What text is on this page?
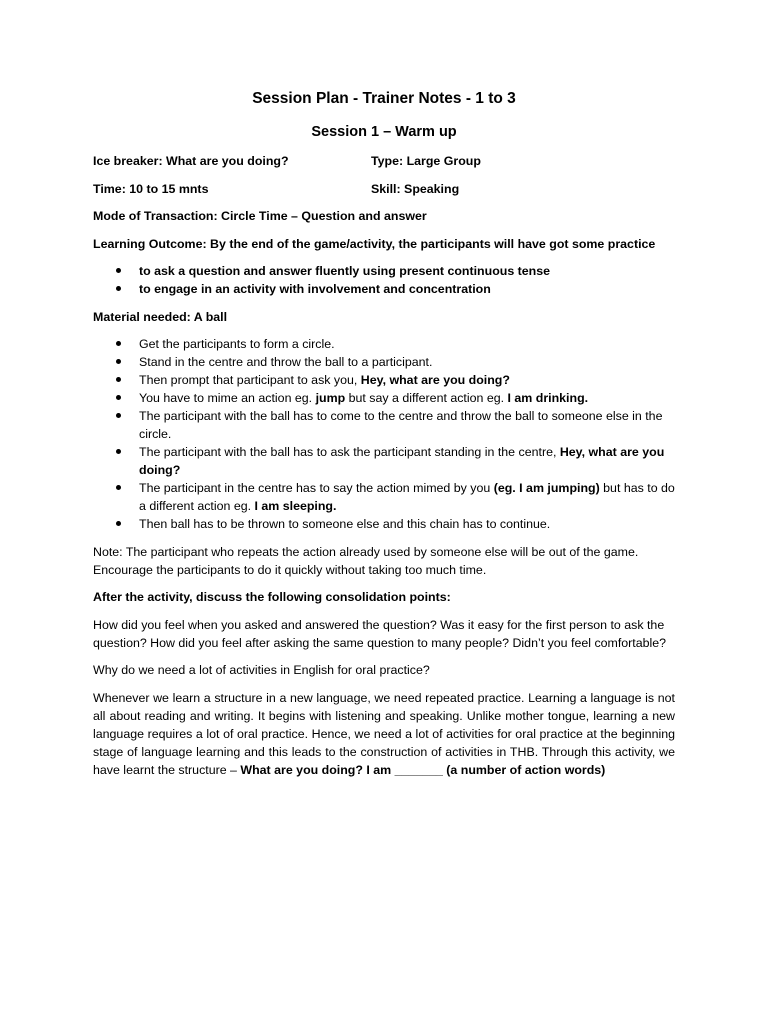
Session Plan - Trainer Notes - 1 to 3
Session 1 – Warm up
Ice breaker: What are you doing?	Type: Large Group
Time: 10 to 15 mnts	Skill: Speaking

Mode of Transaction: Circle Time – Question and answer

Learning Outcome: By the end of the game/activity, the participants will have got some practice

to ask a question and answer fluently using present continuous tense
to engage in an activity with involvement and concentration

Material needed: A ball

Get the participants to form a circle.
Stand in the centre and throw the ball to a participant.
Then prompt that participant to ask you, Hey, what are you doing?
You have to mime an action eg. jump but say a different action eg. I am drinking.
The participant with the ball has to come to the centre and throw the ball to someone else in the circle.
The participant with the ball has to ask the participant standing in the centre, Hey, what are you doing?
The participant in the centre has to say the action mimed by you (eg. I am jumping) but has to do a different action eg. I am sleeping.
Then ball has to be thrown to someone else and this chain has to continue.

Note: The participant who repeats the action already used by someone else will be out of the game. Encourage the participants to do it quickly without taking too much time.

After the activity, discuss the following consolidation points:

How did you feel when you asked and answered the question? Was it easy for the first person to ask the question? How did you feel after asking the same question to many people? Didn’t you feel comfortable?

Why do we need a lot of activities in English for oral practice?

Whenever we learn a structure in a new language, we need repeated practice. Learning a language is not all about reading and writing. It begins with listening and speaking. Unlike mother tongue, learning a new language requires a lot of oral practice. Hence, we need a lot of activities for oral practice at the beginning stage of language learning and this leads to the construction of activities in THB. Through this activity, we have learnt the structure – What are you doing? I am _______ (a number of action words)
